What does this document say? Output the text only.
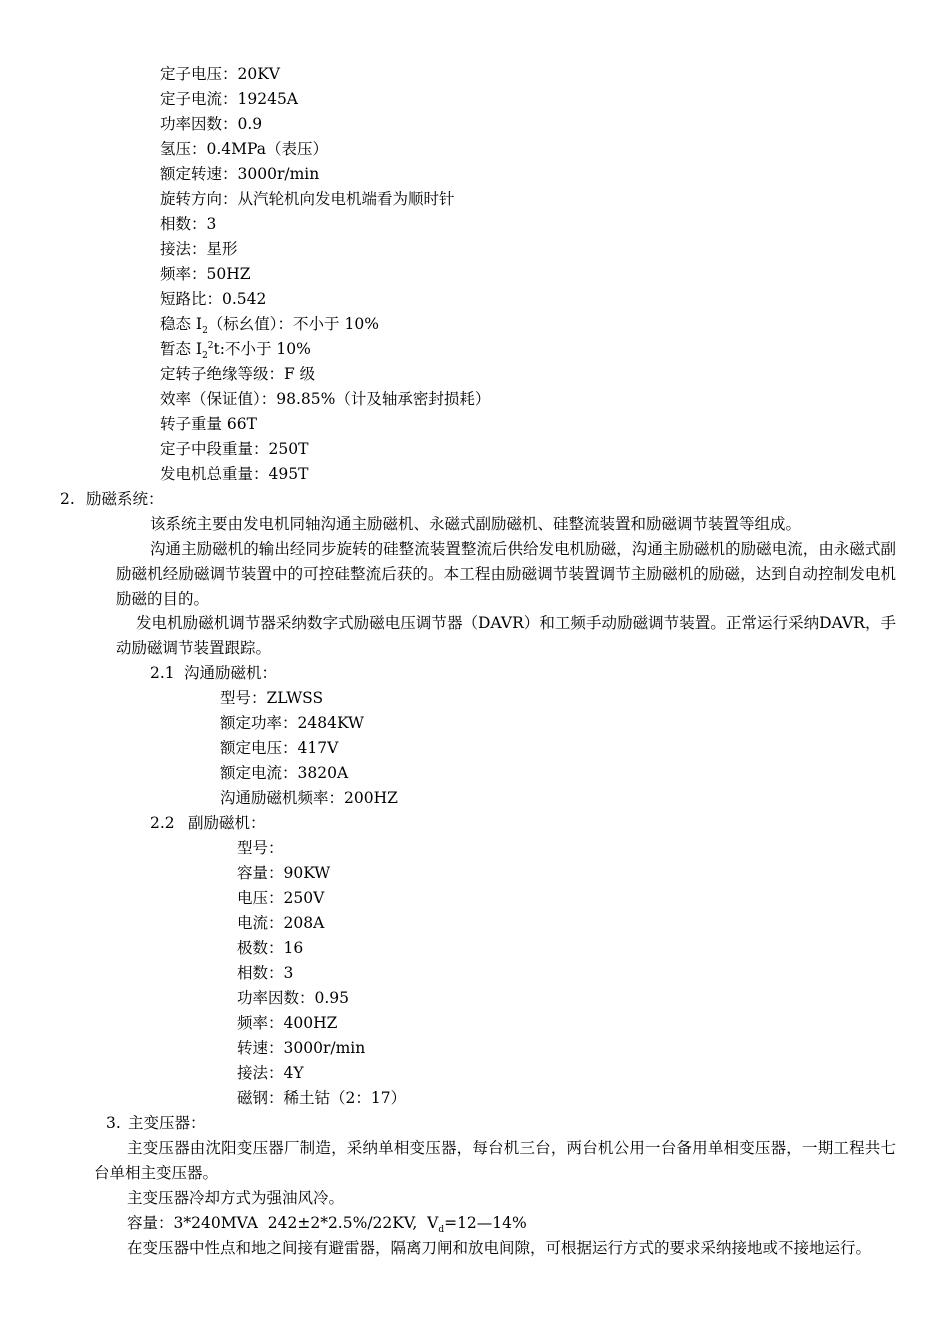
定子电压：20KV
定子电流：19245A
功率因数：0.9
氢压：0.4MPa（表压）
额定转速：3000r/min
旋转方向：从汽轮机向发电机端看为顺时针
相数：3
接法：星形
频率：50HZ
短路比：0.542
稳态 $I_2$（标幺值）：不小于 10%
暂态 $I_2^2t$:不小于 10%
定转子绝缘等级：F 级
效率（保证值）：98.85%（计及轴承密封损耗）
转子重量 66T
定子中段重量：250T
发电机总重量：495T
2. 励磁系统：
该系统主要由发电机同轴沟通主励磁机、永磁式副励磁机、硅整流装置和励磁调节装置等组成。
沟通主励磁机的输出经同步旋转的硅整流装置整流后供给发电机励磁，沟通主励磁机的励磁电流，由永磁式副励磁机经励磁调节装置中的可控硅整流后获的。本工程由励磁调节装置调节主励磁机的励磁，达到自动控制发电机励磁的目的。
发电机励磁机调节器采纳数字式励磁电压调节器（DAVR）和工频手动励磁调节装置。正常运行采纳DAVR，手动励磁调节装置跟踪。
2.1 沟通励磁机：
型号：ZLWSS
额定功率：2484KW
额定电压：417V
额定电流：3820A
沟通励磁机频率：200HZ
2.2 副励磁机：
型号：
容量：90KW
电压：250V
电流：208A
极数：16
相数：3
功率因数：0.95
频率：400HZ
转速：3000r/min
接法：4Y
磁钢：稀土钴（2：17）
3. 主变压器：
主变压器由沈阳变压器厂制造，采纳单相变压器，每台机三台，两台机公用一台备用单相变压器，一期工程共七台单相主变压器。
主变压器冷却方式为强油风冷。
容量：3*240MVA  242±2*2.5%/22KV,  $V_d=12—14\%$
在变压器中性点和地之间接有避雷器，隔离刀闸和放电间隙，可根据运行方式的要求采纳接地或不接地运行。
